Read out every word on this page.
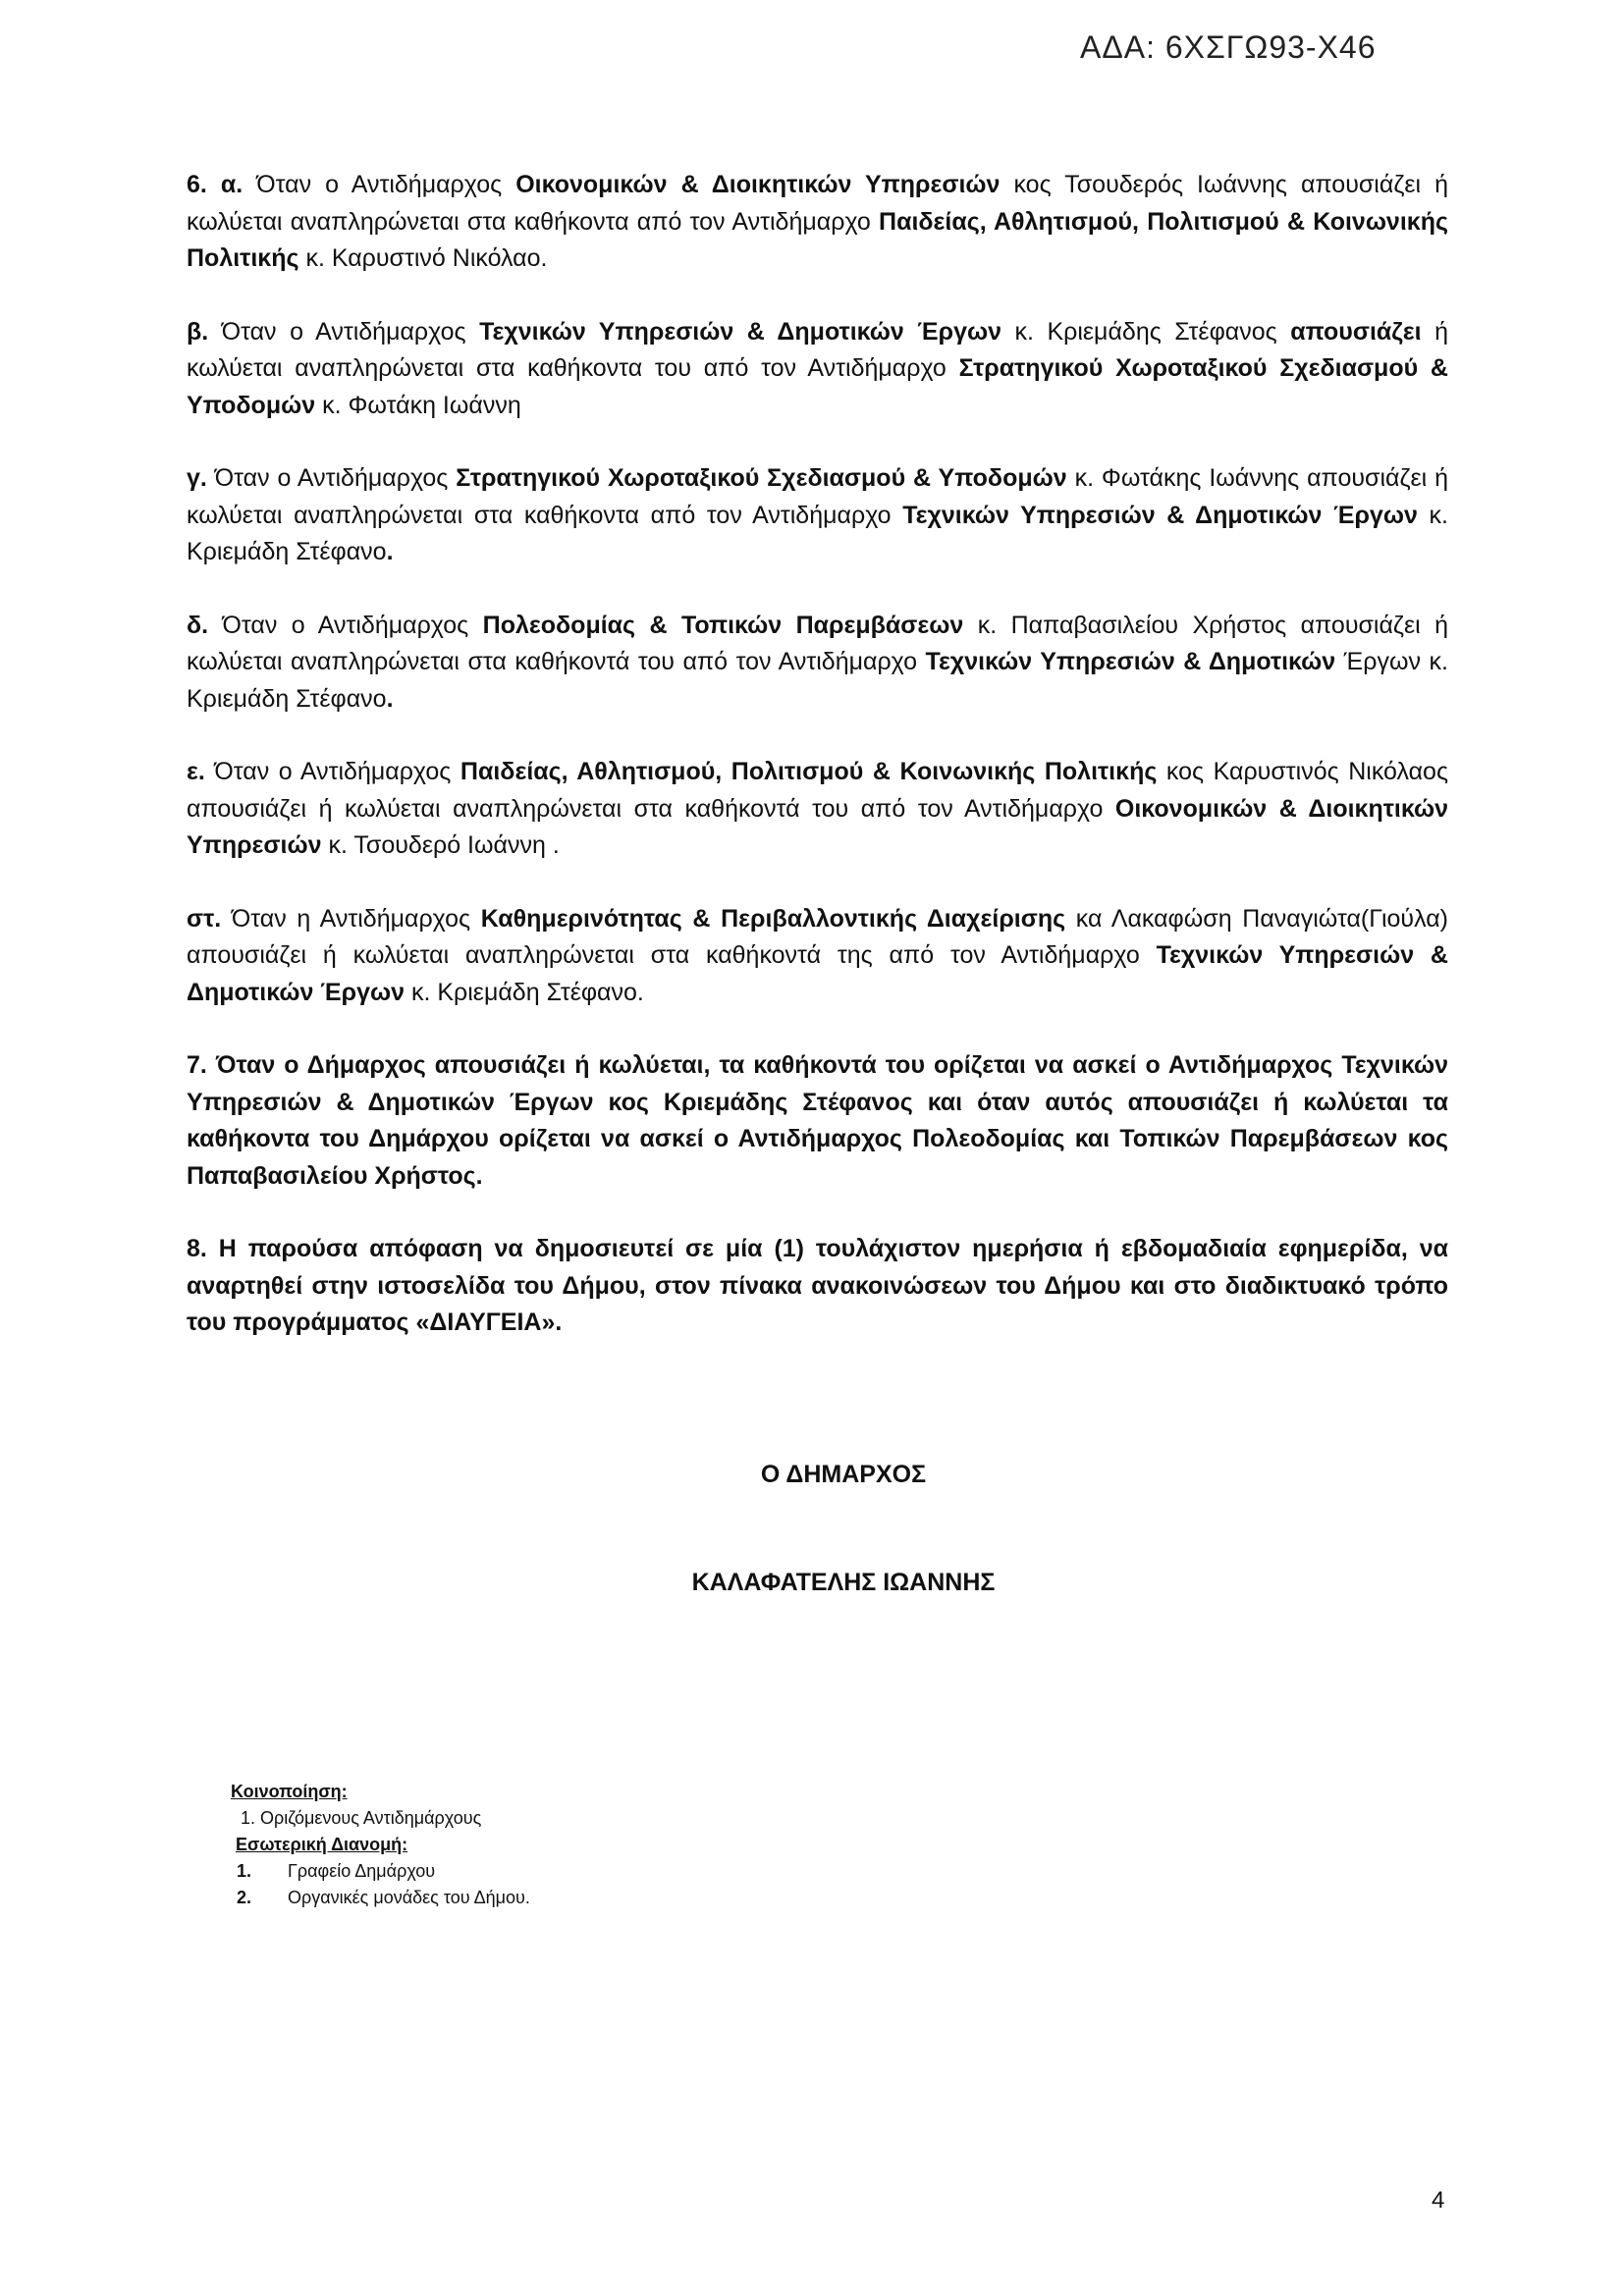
ΑΔΑ: 6ΧΣΓΩ93-Χ46

6. α. Όταν ο Αντιδήμαρχος Οικονομικών & Διοικητικών Υπηρεσιών κος Τσουδερός Ιωάννης απουσιάζει ή κωλύεται αναπληρώνεται στα καθήκοντα από τον Αντιδήμαρχο Παιδείας, Αθλητισμού, Πολιτισμού & Κοινωνικής Πολιτικής κ. Καρυστινό Νικόλαο.

β. Όταν ο Αντιδήμαρχος Τεχνικών Υπηρεσιών & Δημοτικών Έργων κ. Κριεμάδης Στέφανος απουσιάζει ή κωλύεται αναπληρώνεται στα καθήκοντα του από τον Αντιδήμαρχο Στρατηγικού Χωροταξικού Σχεδιασμού & Υποδομών κ. Φωτάκη Ιωάννη

γ. Όταν ο Αντιδήμαρχος Στρατηγικού Χωροταξικού Σχεδιασμού & Υποδομών κ. Φωτάκης Ιωάννης απουσιάζει ή κωλύεται αναπληρώνεται στα καθήκοντα από τον Αντιδήμαρχο Τεχνικών Υπηρεσιών & Δημοτικών Έργων κ. Κριεμάδη Στέφανο.

δ. Όταν ο Αντιδήμαρχος Πολεοδομίας & Τοπικών Παρεμβάσεων κ. Παπαβασιλείου Χρήστος απουσιάζει ή κωλύεται αναπληρώνεται στα καθήκοντά του από τον Αντιδήμαρχο Τεχνικών Υπηρεσιών & Δημοτικών Έργων κ. Κριεμάδη Στέφανο.

ε. Όταν ο Αντιδήμαρχος Παιδείας, Αθλητισμού, Πολιτισμού & Κοινωνικής Πολιτικής κος Καρυστινός Νικόλαος απουσιάζει ή κωλύεται αναπληρώνεται στα καθήκοντά του από τον Αντιδήμαρχο Οικονομικών & Διοικητικών Υπηρεσιών κ. Τσουδερό Ιωάννη .

στ. Όταν η Αντιδήμαρχος Καθημερινότητας & Περιβαλλοντικής Διαχείρισης κα Λακαφώση Παναγιώτα(Γιούλα) απουσιάζει ή κωλύεται αναπληρώνεται στα καθήκοντά της από τον Αντιδήμαρχο Τεχνικών Υπηρεσιών & Δημοτικών Έργων κ. Κριεμάδη Στέφανο.

7. Όταν ο Δήμαρχος απουσιάζει ή κωλύεται, τα καθήκοντά του ορίζεται να ασκεί ο Αντιδήμαρχος Τεχνικών Υπηρεσιών & Δημοτικών Έργων κος Κριεμάδης Στέφανος και όταν αυτός απουσιάζει ή κωλύεται τα καθήκοντα του Δημάρχου ορίζεται να ασκεί ο Αντιδήμαρχος Πολεοδομίας και Τοπικών Παρεμβάσεων κος Παπαβασιλείου Χρήστος.

8. Η παρούσα απόφαση να δημοσιευτεί σε μία (1) τουλάχιστον ημερήσια ή εβδομαδιαία εφημερίδα, να αναρτηθεί στην ιστοσελίδα του Δήμου, στον πίνακα ανακοινώσεων του Δήμου και στο διαδικτυακό τρόπο του προγράμματος «ΔΙΑΥΓΕΙΑ».

Ο ΔΗΜΑΡΧΟΣ
ΚΑΛΑΦΑΤΕΛΗΣ ΙΩΑΝΝΗΣ
Κοινοποίηση:
1. Οριζόμενους Αντιδημάρχους
Εσωτερική Διανομή:
1. Γραφείο Δημάρχου
2. Οργανικές μονάδες του Δήμου.
4
